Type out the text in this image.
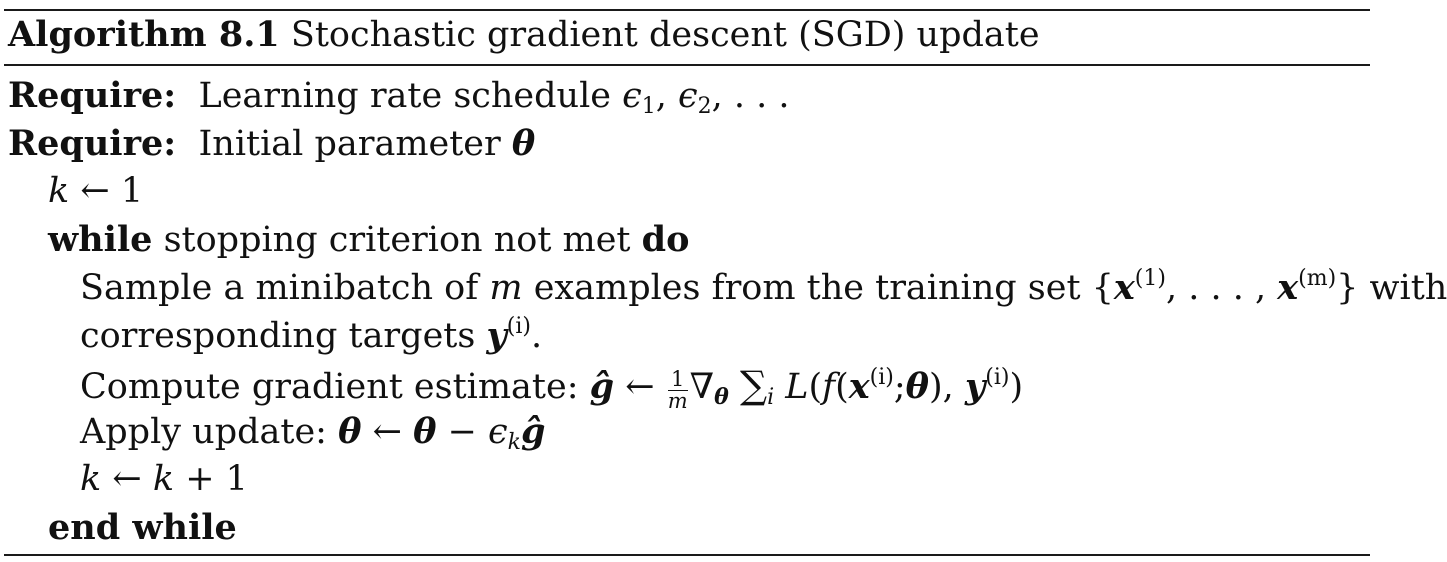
Algorithm 8.1 Stochastic gradient descent (SGD) update
Require: Learning rate schedule $\epsilon_1$, $\epsilon_2$, . . .
Require: Initial parameter θ
k ← 1
while stopping criterion not met do
Sample a minibatch of m examples from the training set {$x^{(1)}$, . . . , $x^{(m)}$} with
corresponding targets $y^{(i)}$.
Compute gradient estimate: ĝ ← $\frac{1}{m} \nabla_\theta$ $\sum_i$ $L(f(x^{(i)};\theta)$, $y^{(i)}$)
Apply update: θ ← $\theta - \epsilon_kĝ$
k ← k + 1
end while
